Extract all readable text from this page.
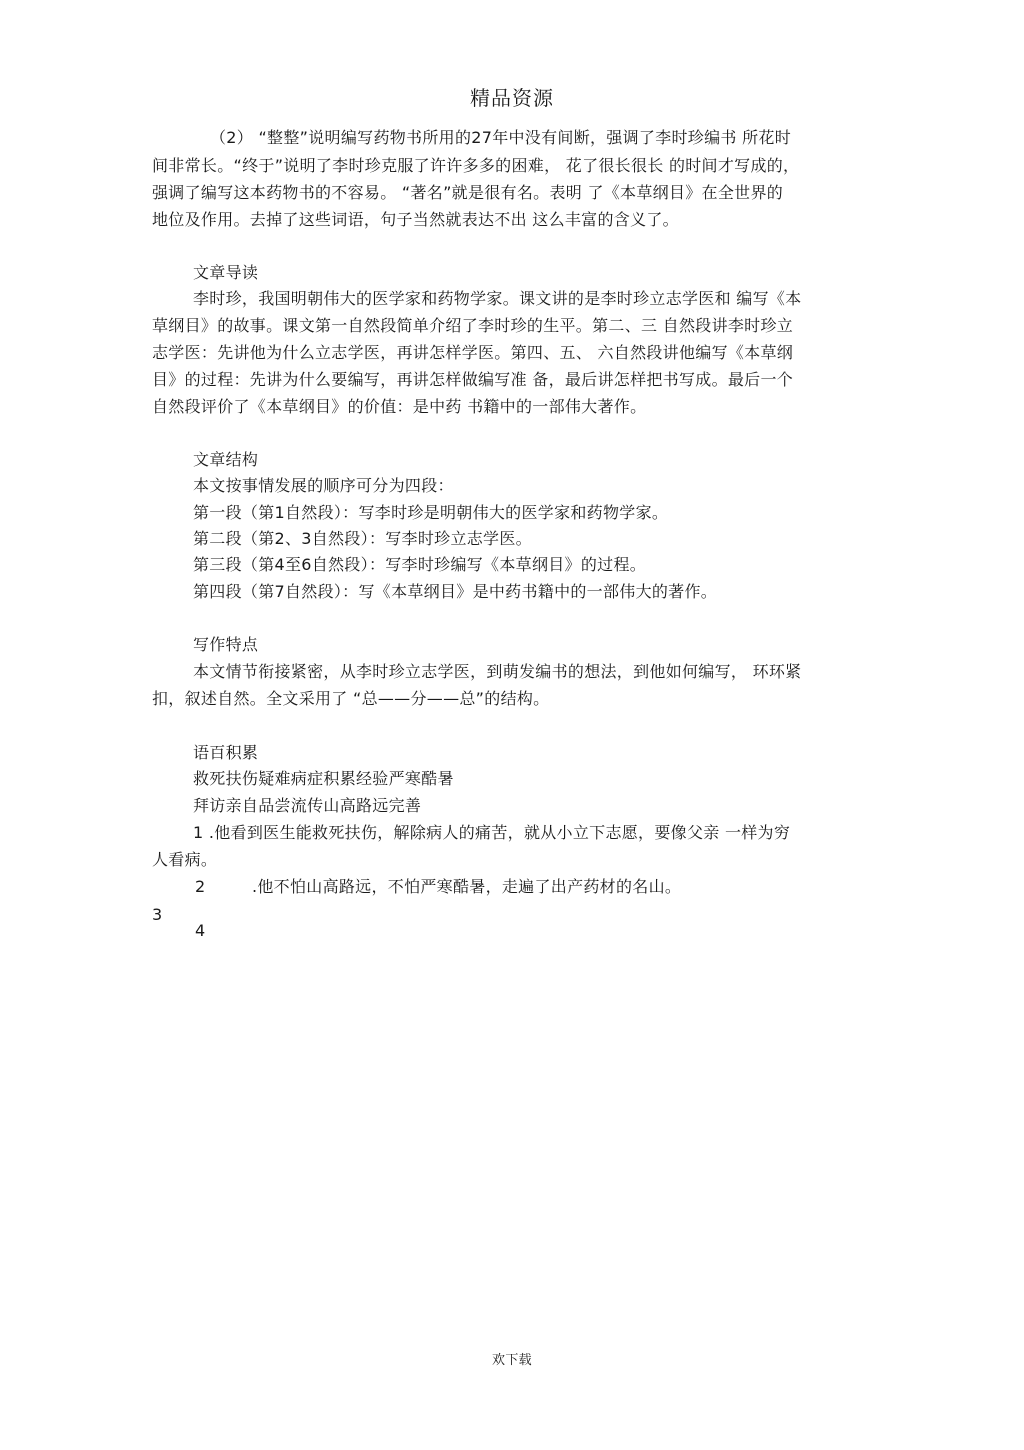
精品资源
（2） “整整”说明编写药物书所用的27年中没有间断，强调了李时珍编书 所花时
间非常长。“终于”说明了李时珍克服了许许多多的困难， 花了很长很长 的时间才写成的，
强调了编写这本药物书的不容易。 “著名”就是很有名。表明 了《本草纲目》在全世界的
地位及作用。去掉了这些词语，句子当然就表达不出 这么丰富的含义了。
文章导读
李时珍，我国明朝伟大的医学家和药物学家。课文讲的是李时珍立志学医和 编写《本
草纲目》的故事。课文第一自然段简单介绍了李时珍的生平。第二、三 自然段讲李时珍立
志学医：先讲他为什么立志学医，再讲怎样学医。第四、五、 六自然段讲他编写《本草纲
目》的过程：先讲为什么要编写，再讲怎样做编写准 备，最后讲怎样把书写成。最后一个
自然段评价了《本草纲目》的价值：是中药 书籍中的一部伟大著作。
文章结构
本文按事情发展的顺序可分为四段：
第一段（第1自然段）：写李时珍是明朝伟大的医学家和药物学家。
第二段（第2、3自然段）：写李时珍立志学医。
第三段（第4至6自然段）：写李时珍编写《本草纲目》的过程。
第四段（第7自然段）：写《本草纲目》是中药书籍中的一部伟大的著作。
写作特点
本文情节衔接紧密，从李时珍立志学医，到萌发编书的想法，到他如何编写， 环环紧
扣，叙述自然。全文采用了 “总——分——总”的结构。
语百积累
救死扶伤疑难病症积累经验严寒酷暑
拜访亲自品尝流传山高路远完善
1 .他看到医生能救死扶伤，解除病人的痛苦，就从小立下志愿，要像父亲 一样为穷
人看病。
2	.他不怕山高路远，不怕严寒酷暑，走遍了出产药材的名山。
3
4
欢下载
